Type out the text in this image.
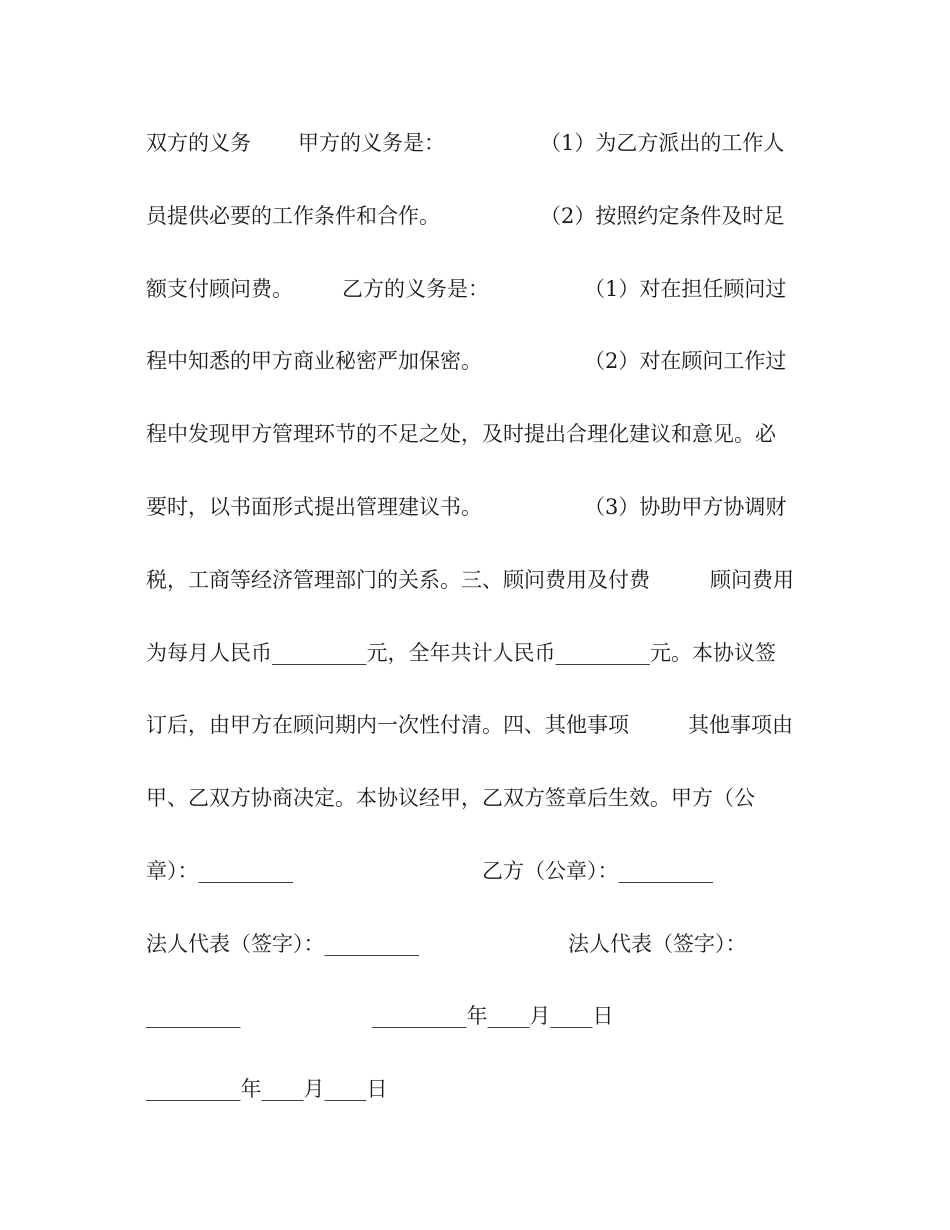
双方的义务

甲方的义务是：

	（1）为乙方派出的工作人

员提供必要的工作条件和合作。

	（2）按照约定条件及时足

额支付顾问费。

乙方的义务是：

	（1）对在担任顾问过

程中知悉的甲方商业秘密严加保密。

	（2）对在顾问工作过

程中发现甲方管理环节的不足之处，及时提出合理化建议和意见。必

要时，以书面形式提出管理建议书。

	（3）协助甲方协调财

税，工商等经济管理部门的关系。三、顾问费用及付费

	顾问费用

为每月人民币_________元，全年共计人民币_________元。本协议签

订后，由甲方在顾问期内一次性付清。四、其他事项

	其他事项由

甲、乙双方协商决定。本协议经甲，乙双方签章后生效。甲方（公

章）：_________

	乙方（公章）：_________

法人代表（签字）：_________

	法人代表（签字）：

_________

	_________年____月____日

_________年____月____日
